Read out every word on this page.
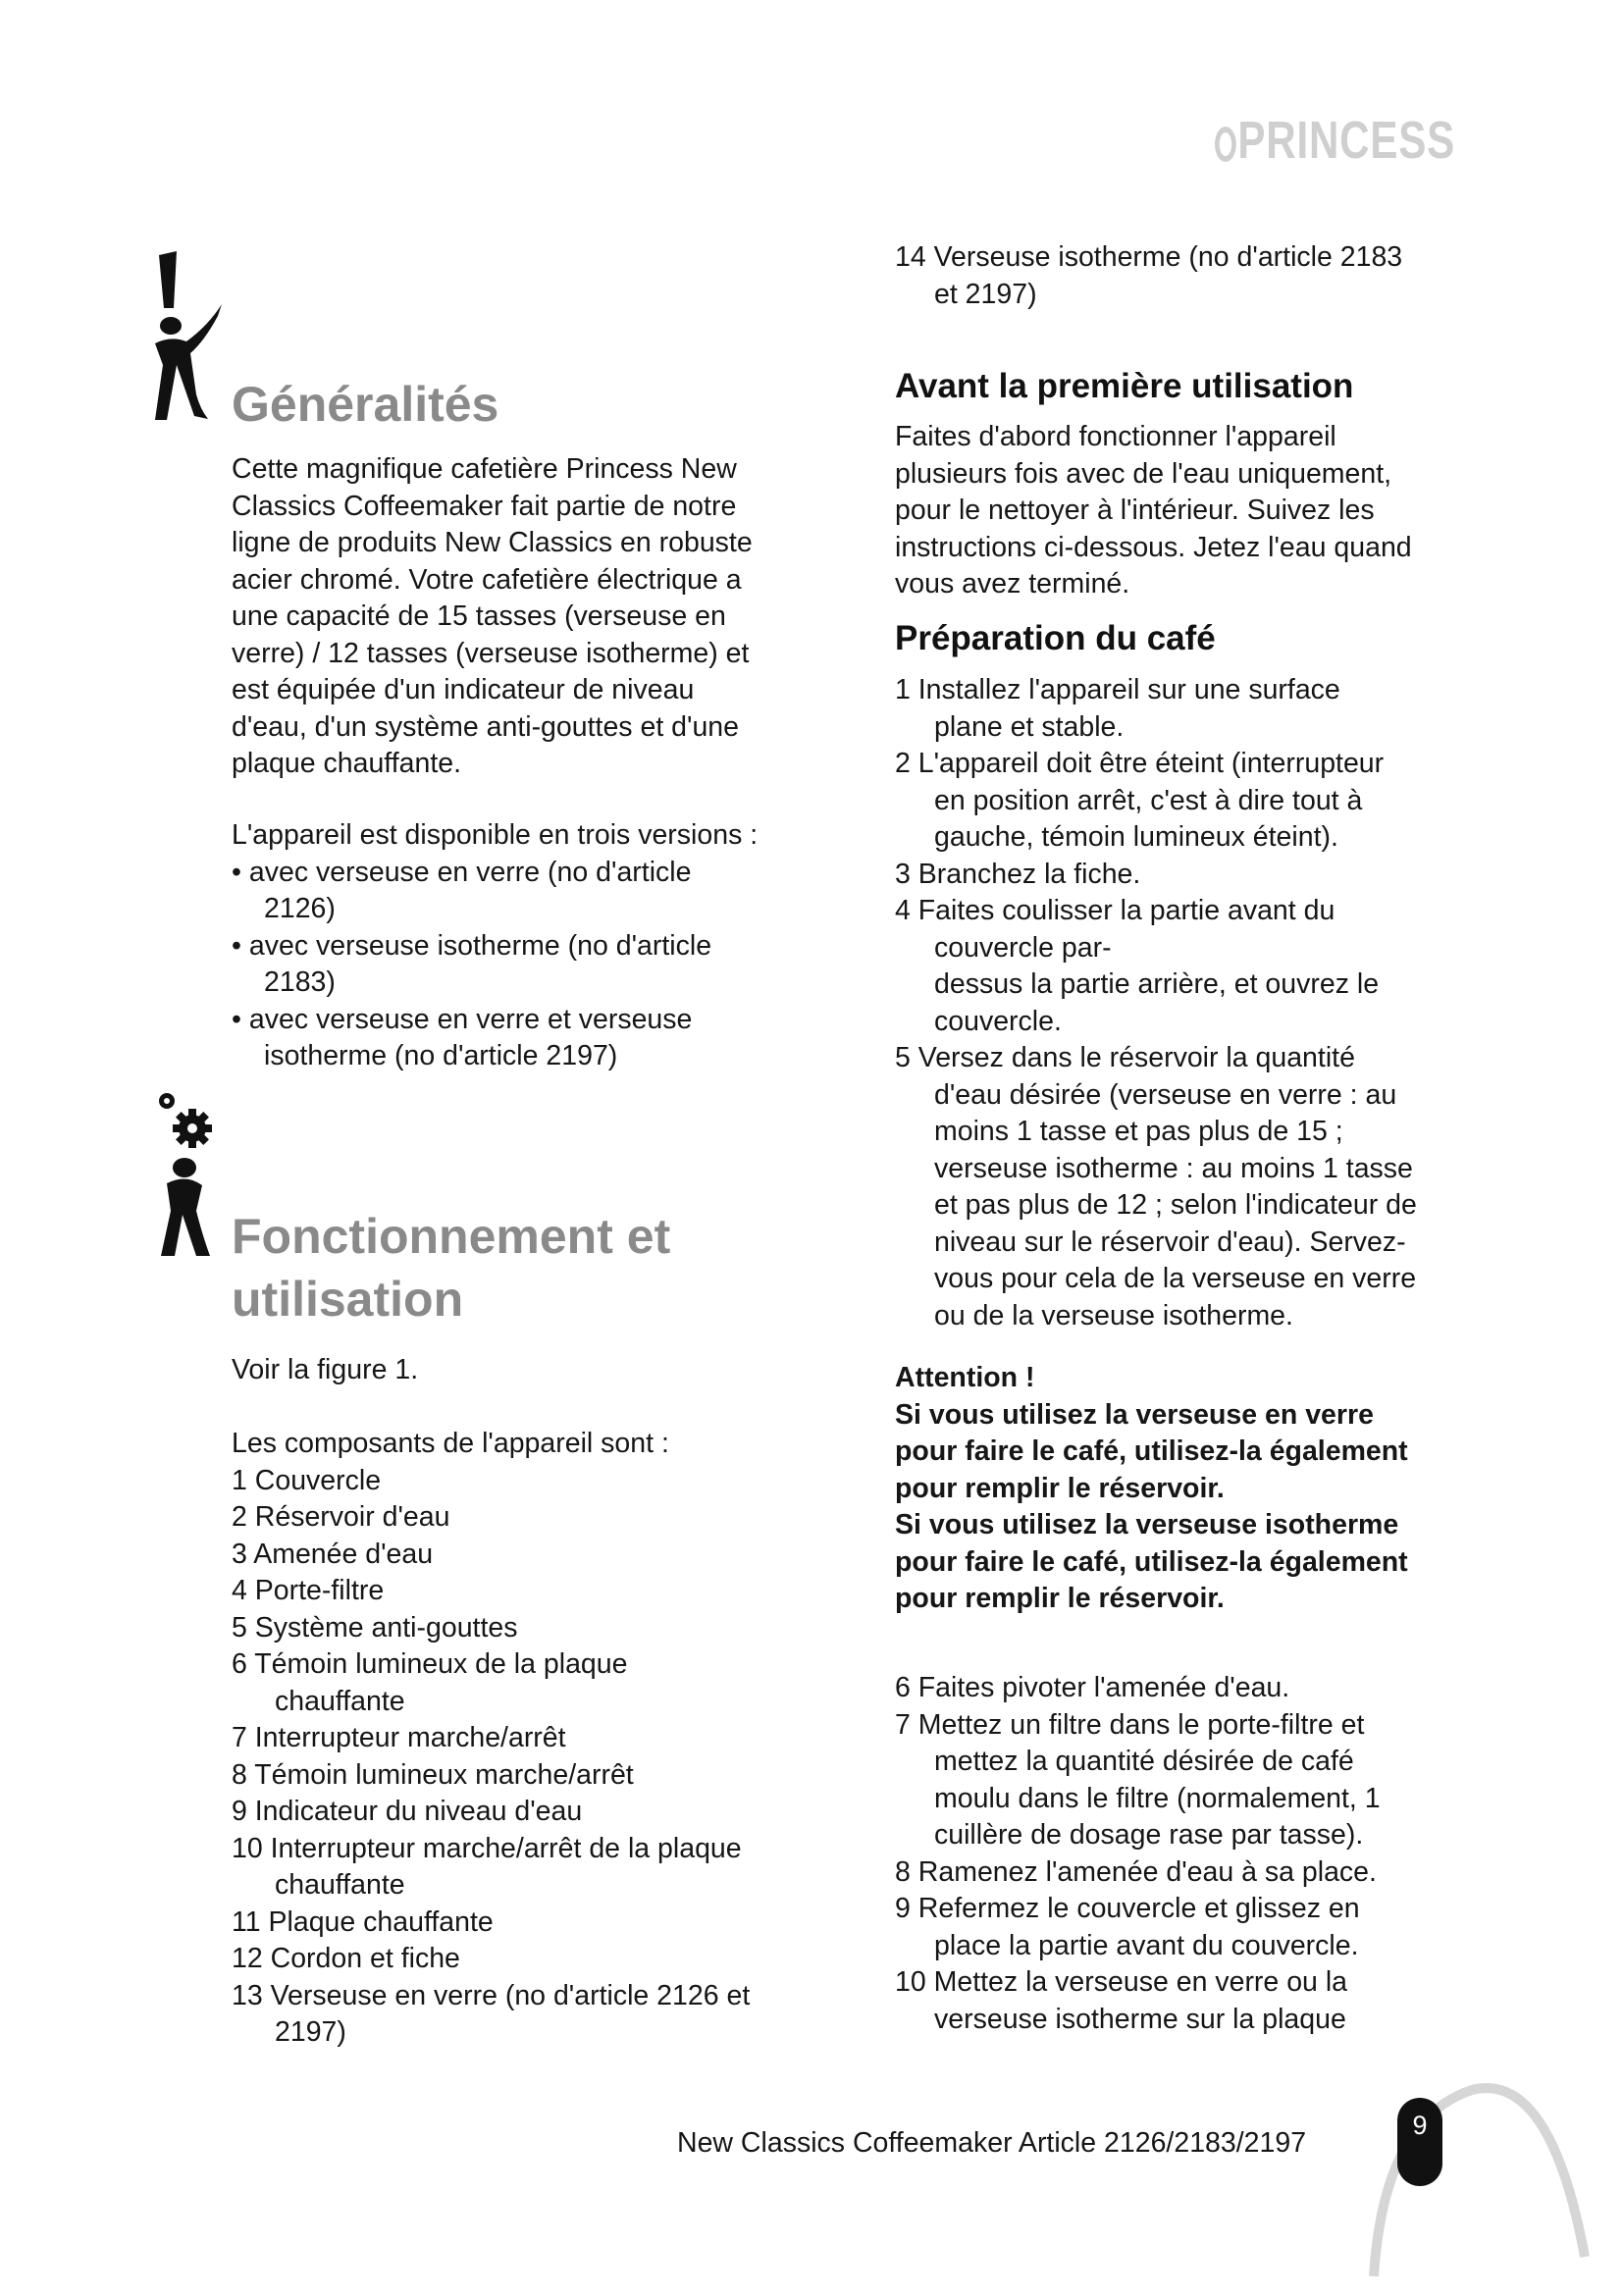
PRINCESS
Généralités

Cette magnifique cafetière Princess New

Classics Coffeemaker fait partie de notre

ligne de produits New Classics en robuste

acier chromé. Votre cafetière électrique a

une capacité de 15 tasses (verseuse en

verre) / 12 tasses (verseuse isotherme) et

est équipée d'un indicateur de niveau

d'eau, d'un système anti-gouttes et d'une

plaque chauffante.

L'appareil est disponible en trois versions :

• avec verseuse en verre (no d'article

2126)

• avec verseuse isotherme (no d'article

2183)

• avec verseuse en verre et verseuse

isotherme (no d'article 2197)

Fonctionnement et
utilisation

Voir la figure 1.

Les composants de l'appareil sont :

1 Couvercle

2 Réservoir d'eau

3 Amenée d'eau

4 Porte-filtre

5 Système anti-gouttes

6 Témoin lumineux de la plaque

chauffante

7 Interrupteur marche/arrêt

8 Témoin lumineux marche/arrêt

9 Indicateur du niveau d'eau

10 Interrupteur marche/arrêt de la plaque

chauffante

11 Plaque chauffante

12 Cordon et fiche

13 Verseuse en verre (no d'article 2126 et

2197)

14 Verseuse isotherme (no d'article 2183

et 2197)

Avant la première utilisation

Faites d'abord fonctionner l'appareil

plusieurs fois avec de l'eau uniquement,

pour le nettoyer à l'intérieur. Suivez les

instructions ci-dessous. Jetez l'eau quand

vous avez terminé.

Préparation du café

1 Installez l'appareil sur une surface

plane et stable.

2 L'appareil doit être éteint (interrupteur

en position arrêt, c'est à dire tout à

gauche, témoin lumineux éteint).

3 Branchez la fiche.

4 Faites coulisser la partie avant du

couvercle par-

dessus la partie arrière, et ouvrez le

couvercle.

5 Versez dans le réservoir la quantité

d'eau désirée (verseuse en verre : au

moins 1 tasse et pas plus de 15 ;

verseuse isotherme : au moins 1 tasse

et pas plus de 12 ; selon l'indicateur de

niveau sur le réservoir d'eau). Servez-

vous pour cela de la verseuse en verre

ou de la verseuse isotherme.

Attention !

Si vous utilisez la verseuse en verre

pour faire le café, utilisez-la également

pour remplir le réservoir.

Si vous utilisez la verseuse isotherme

pour faire le café, utilisez-la également

pour remplir le réservoir.

6 Faites pivoter l'amenée d'eau.

7 Mettez un filtre dans le porte-filtre et

mettez la quantité désirée de café

moulu dans le filtre (normalement, 1

cuillère de dosage rase par tasse).

8 Ramenez l'amenée d'eau à sa place.

9 Refermez le couvercle et glissez en

place la partie avant du couvercle.

10 Mettez la verseuse en verre ou la

verseuse isotherme sur la plaque

New Classics Coffeemaker Article 2126/2183/2197
9
